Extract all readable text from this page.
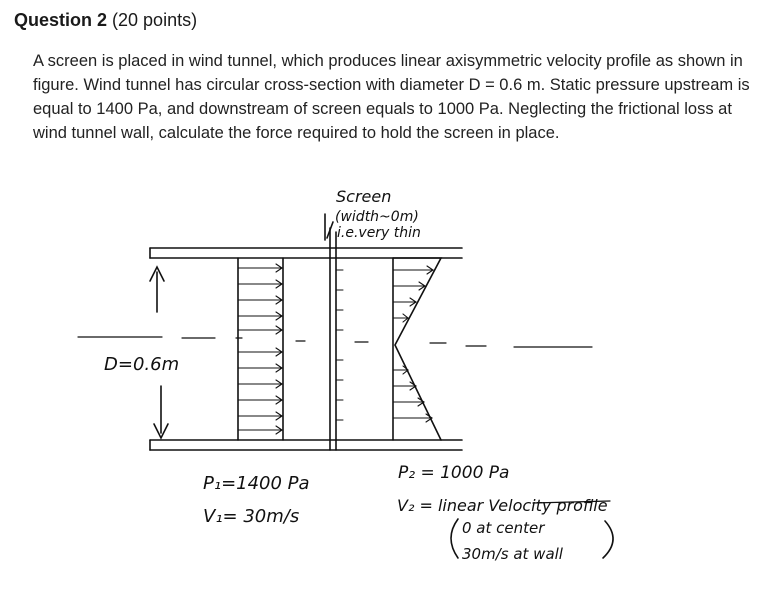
Question 2 (20 points)
A screen is placed in wind tunnel, which produces linear axisymmetric velocity profile as shown in figure. Wind tunnel has circular cross-section with diameter D = 0.6 m. Static pressure upstream is equal to 1400 Pa, and downstream of screen equals to 1000 Pa. Neglecting the frictional loss at wind tunnel wall, calculate the force required to hold the screen in place.
Screen
(width~0m)
i.e.very thin
D=0.6m
P₁=1400 Pa
V₁= 30m/s
P₂ = 1000 Pa
V₂ = linear Velocity profile
0 at center
30m/s at wall
